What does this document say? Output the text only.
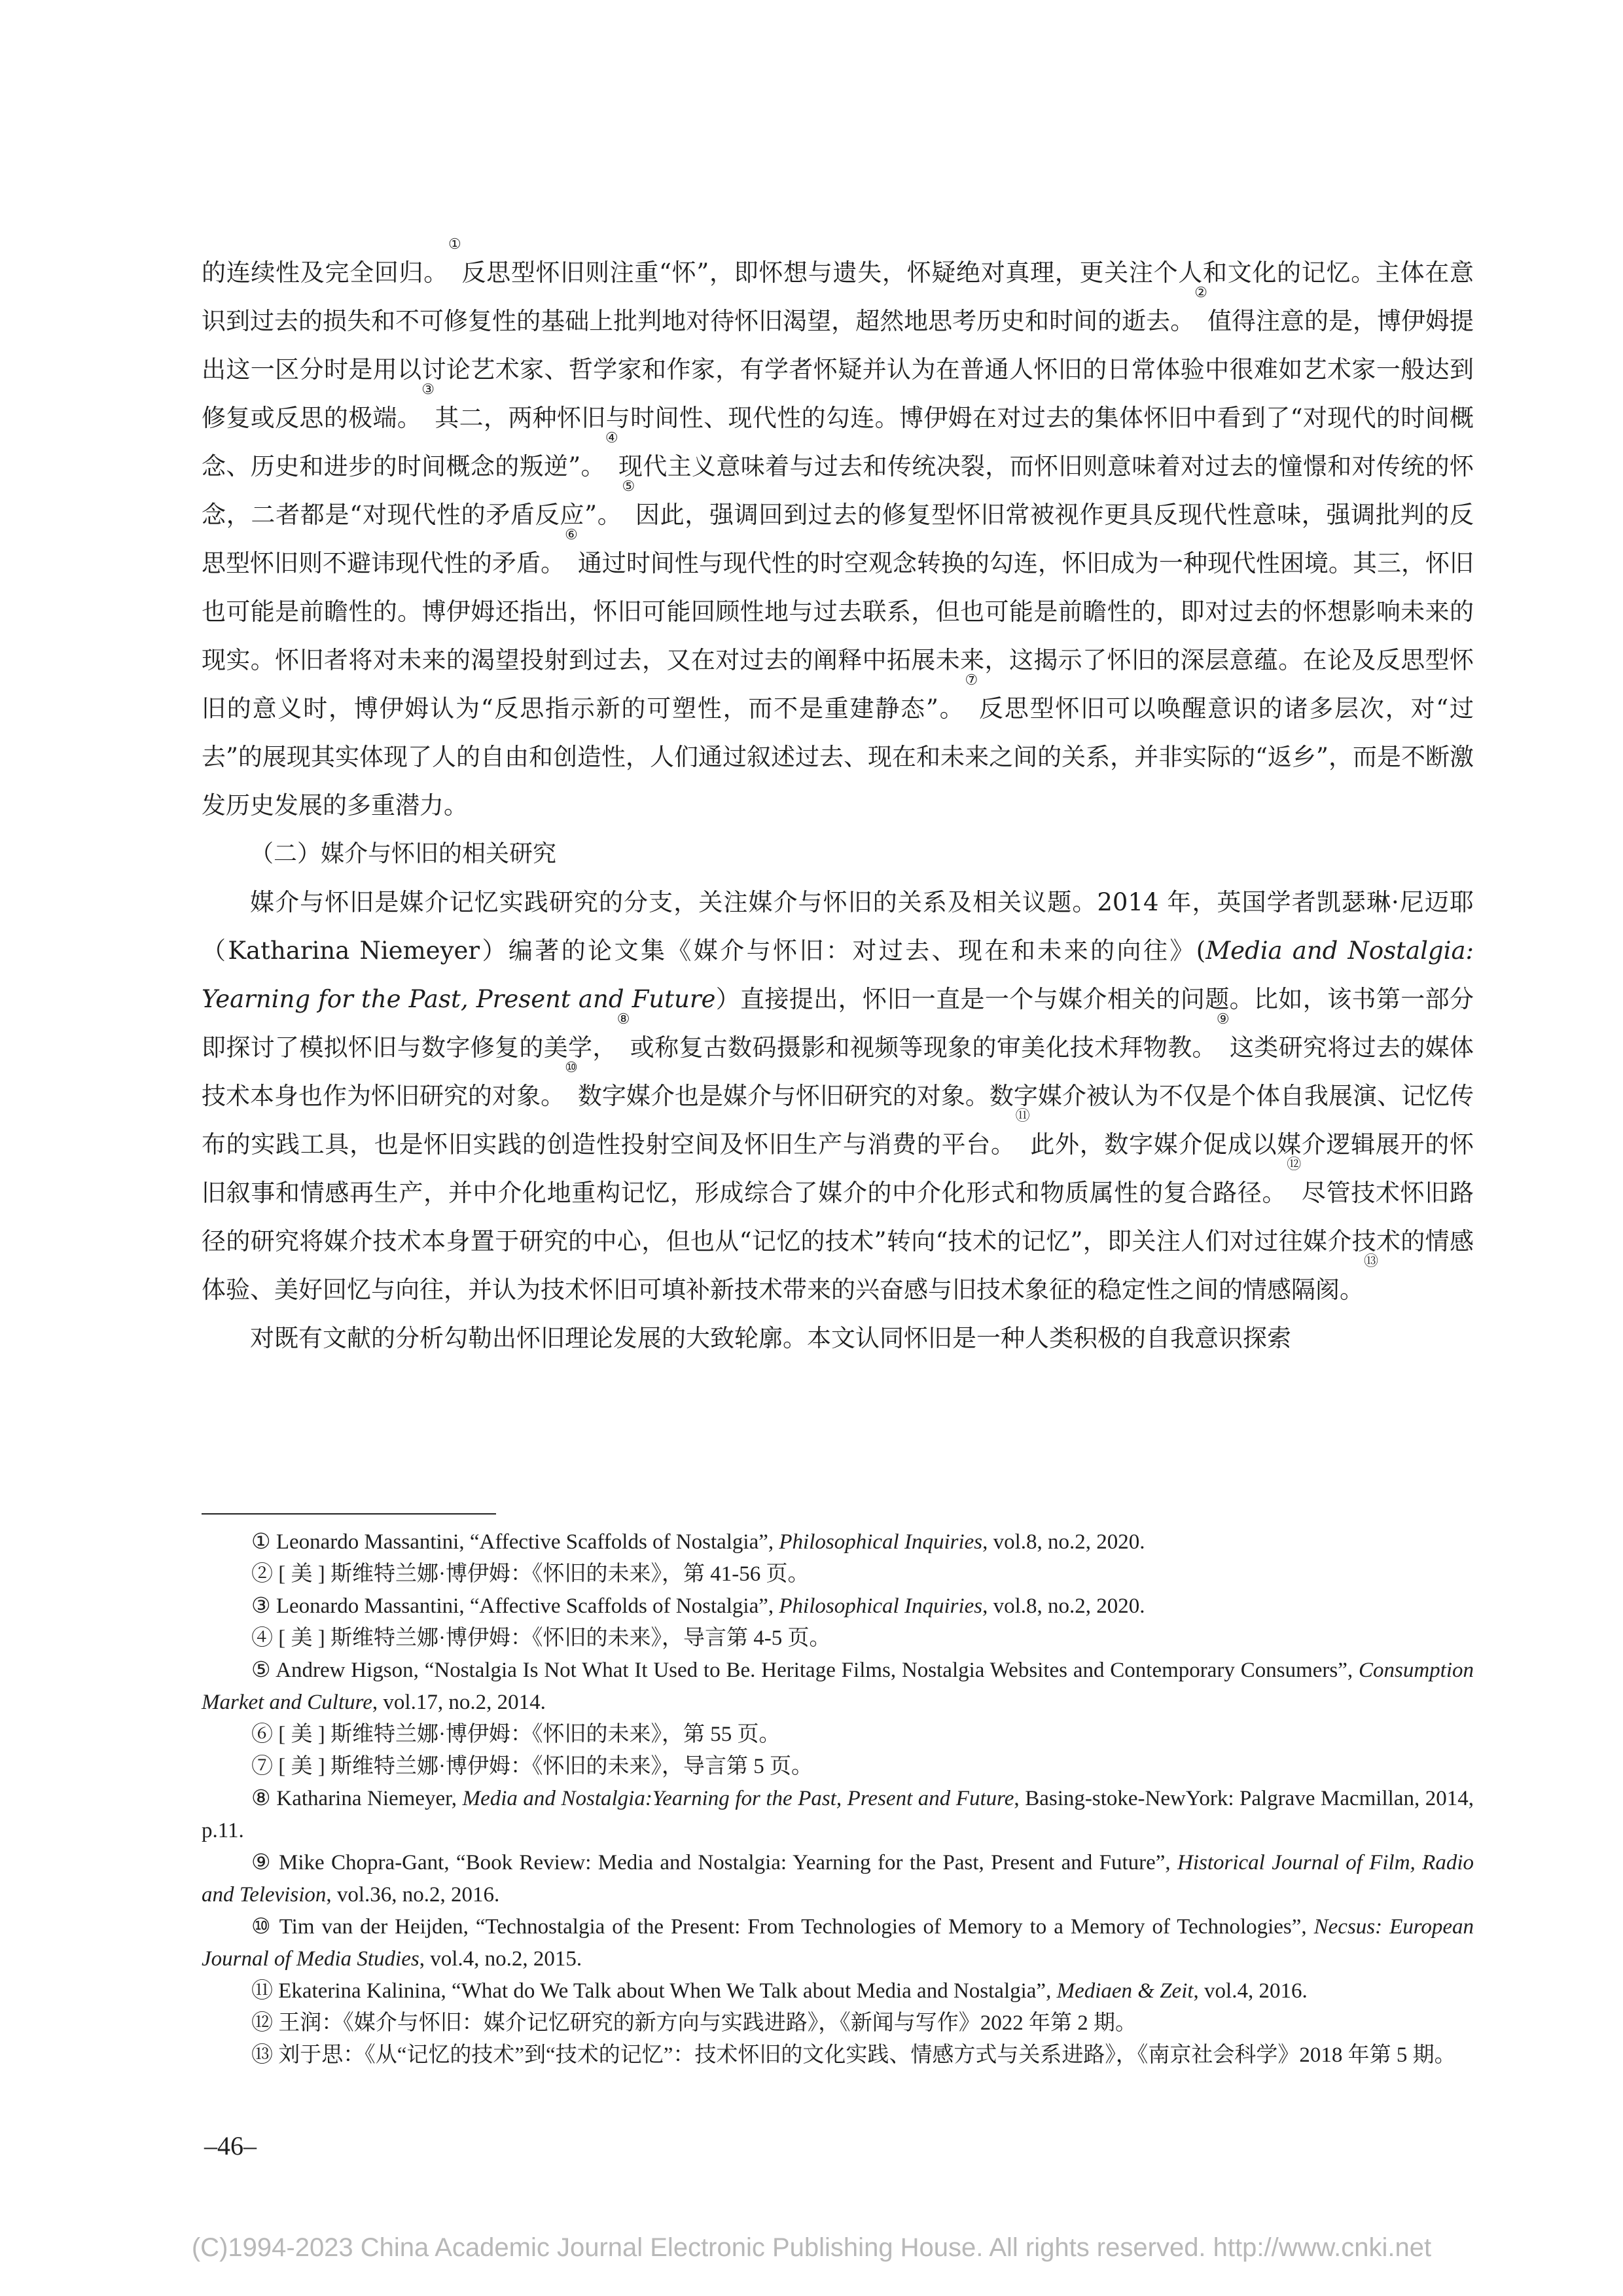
的连续性及完全回归。①反思型怀旧则注重“怀”，即怀想与遗失，怀疑绝对真理，更关注个人和文化的记忆。主体在意识到过去的损失和不可修复性的基础上批判地对待怀旧渴望，超然地思考历史和时间的逝去。②值得注意的是，博伊姆提出这一区分时是用以讨论艺术家、哲学家和作家，有学者怀疑并认为在普通人怀旧的日常体验中很难如艺术家一般达到修复或反思的极端。③其二，两种怀旧与时间性、现代性的勾连。博伊姆在对过去的集体怀旧中看到了“对现代的时间概念、历史和进步的时间概念的叛逆”。④现代主义意味着与过去和传统决裂，而怀旧则意味着对过去的憧憬和对传统的怀念，二者都是“对现代性的矛盾反应”。⑤因此，强调回到过去的修复型怀旧常被视作更具反现代性意味，强调批判的反思型怀旧则不避讳现代性的矛盾。⑥通过时间性与现代性的时空观念转换的勾连，怀旧成为一种现代性困境。其三，怀旧也可能是前瞻性的。博伊姆还指出，怀旧可能回顾性地与过去联系，但也可能是前瞻性的，即对过去的怀想影响未来的现实。怀旧者将对未来的渴望投射到过去，又在对过去的阐释中拓展未来，这揭示了怀旧的深层意蕴。在论及反思型怀旧的意义时，博伊姆认为“反思指示新的可塑性，而不是重建静态”。⑦反思型怀旧可以唤醒意识的诸多层次，对“过去”的展现其实体现了人的自由和创造性，人们通过叙述过去、现在和未来之间的关系，并非实际的“返乡”，而是不断激发历史发展的多重潜力。

（二）媒介与怀旧的相关研究

媒介与怀旧是媒介记忆实践研究的分支，关注媒介与怀旧的关系及相关议题。2014 年，英国学者凯瑟琳·尼迈耶（Katharina Niemeyer）编著的论文集《媒介与怀旧：对过去、现在和未来的向往》(Media and Nostalgia: Yearning for the Past, Present and Future）直接提出，怀旧一直是一个与媒介相关的问题。比如，该书第一部分即探讨了模拟怀旧与数字修复的美学，⑧或称复古数码摄影和视频等现象的审美化技术拜物教。⑨这类研究将过去的媒体技术本身也作为怀旧研究的对象。⑩数字媒介也是媒介与怀旧研究的对象。数字媒介被认为不仅是个体自我展演、记忆传布的实践工具，也是怀旧实践的创造性投射空间及怀旧生产与消费的平台。⑪此外，数字媒介促成以媒介逻辑展开的怀旧叙事和情感再生产，并中介化地重构记忆，形成综合了媒介的中介化形式和物质属性的复合路径。⑫尽管技术怀旧路径的研究将媒介技术本身置于研究的中心，但也从“记忆的技术”转向“技术的记忆”，即关注人们对过往媒介技术的情感体验、美好回忆与向往，并认为技术怀旧可填补新技术带来的兴奋感与旧技术象征的稳定性之间的情感隔阂。⑬

对既有文献的分析勾勒出怀旧理论发展的大致轮廓。本文认同怀旧是一种人类积极的自我意识探索

① Leonardo Massantini, “Affective Scaffolds of Nostalgia”, Philosophical Inquiries, vol.8, no.2, 2020.

② [ 美 ] 斯维特兰娜·博伊姆：《怀旧的未来》，第 41-56 页。

③ Leonardo Massantini, “Affective Scaffolds of Nostalgia”, Philosophical Inquiries, vol.8, no.2, 2020.

④ [ 美 ] 斯维特兰娜·博伊姆：《怀旧的未来》，导言第 4-5 页。

⑤ Andrew Higson, “Nostalgia Is Not What It Used to Be. Heritage Films, Nostalgia Websites and Contemporary Consumers”, Consumption Market and Culture, vol.17, no.2, 2014.

⑥ [ 美 ] 斯维特兰娜·博伊姆：《怀旧的未来》，第 55 页。

⑦ [ 美 ] 斯维特兰娜·博伊姆：《怀旧的未来》，导言第 5 页。

⑧ Katharina Niemeyer, Media and Nostalgia:Yearning for the Past, Present and Future, Basing-stoke-NewYork: Palgrave Macmillan, 2014, p.11.

⑨ Mike Chopra-Gant, “Book Review: Media and Nostalgia: Yearning for the Past, Present and Future”, Historical Journal of Film, Radio and Television, vol.36, no.2, 2016.

⑩ Tim van der Heijden, “Technostalgia of the Present: From Technologies of Memory to a Memory of Technologies”, Necsus: European Journal of Media Studies, vol.4, no.2, 2015.

⑪ Ekaterina Kalinina, “What do We Talk about When We Talk about Media and Nostalgia”, Mediaen & Zeit, vol.4, 2016.

⑫ 王润：《媒介与怀旧：媒介记忆研究的新方向与实践进路》，《新闻与写作》2022 年第 2 期。

⑬ 刘于思：《从“记忆的技术”到“技术的记忆”：技术怀旧的文化实践、情感方式与关系进路》，《南京社会科学》2018 年第 5 期。

–46–
(C)1994-2023 China Academic Journal Electronic Publishing House. All rights reserved. http://www.cnki.net
